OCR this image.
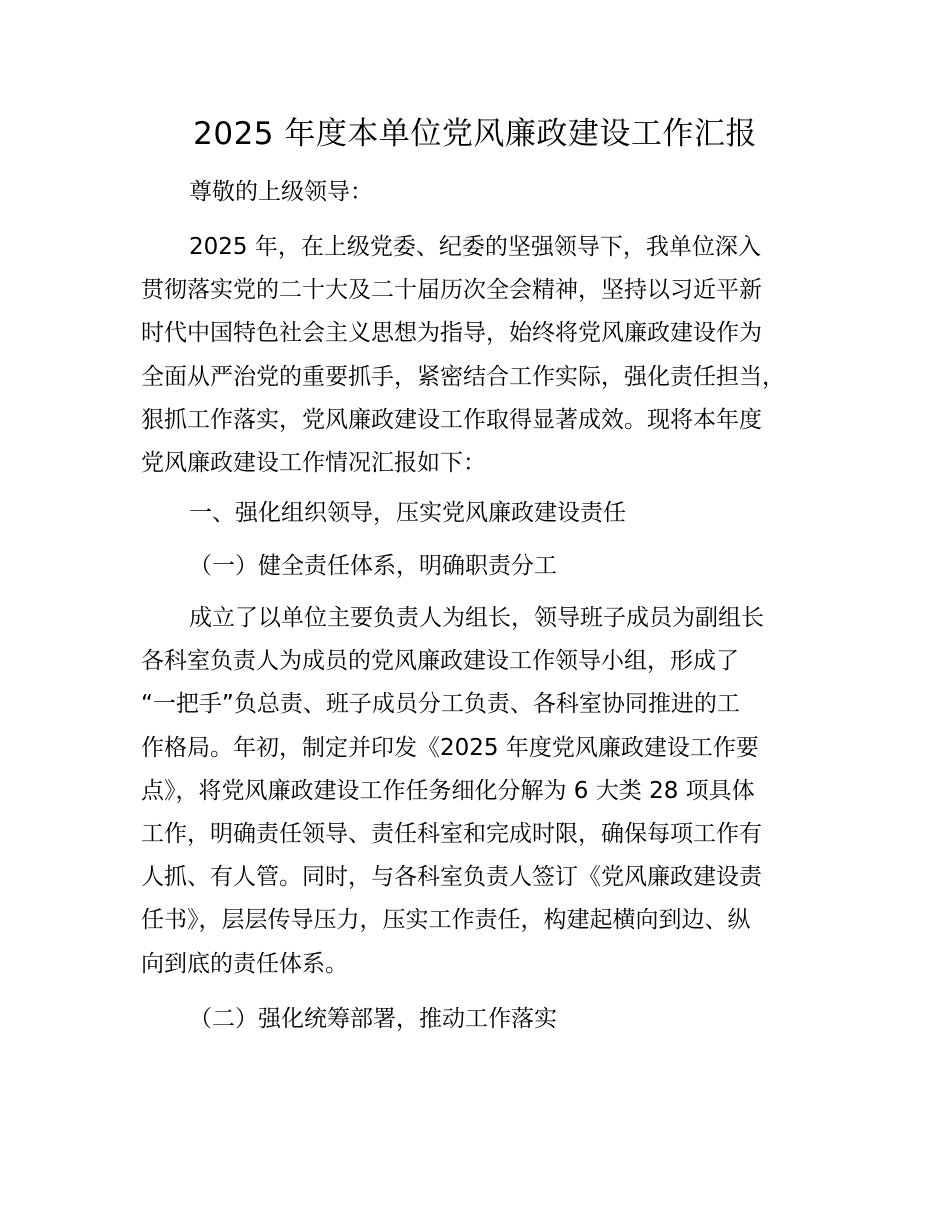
2025 年度本单位党风廉政建设工作汇报

尊敬的上级领导：

2025 年，在上级党委、纪委的坚强领导下，我单位深入

贯彻落实党的二十大及二十届历次全会精神，坚持以习近平新

时代中国特色社会主义思想为指导，始终将党风廉政建设作为

全面从严治党的重要抓手，紧密结合工作实际，强化责任担当，

狠抓工作落实，党风廉政建设工作取得显著成效。现将本年度

党风廉政建设工作情况汇报如下：

一、强化组织领导，压实党风廉政建设责任

（一）健全责任体系，明确职责分工

成立了以单位主要负责人为组长，领导班子成员为副组长

各科室负责人为成员的党风廉政建设工作领导小组，形成了

“一把手”负总责、班子成员分工负责、各科室协同推进的工

作格局。年初，制定并印发《2025 年度党风廉政建设工作要

点》，将党风廉政建设工作任务细化分解为 6 大类 28 项具体

工作，明确责任领导、责任科室和完成时限，确保每项工作有

人抓、有人管。同时，与各科室负责人签订《党风廉政建设责

任书》，层层传导压力，压实工作责任，构建起横向到边、纵

向到底的责任体系。

（二）强化统筹部署，推动工作落实
